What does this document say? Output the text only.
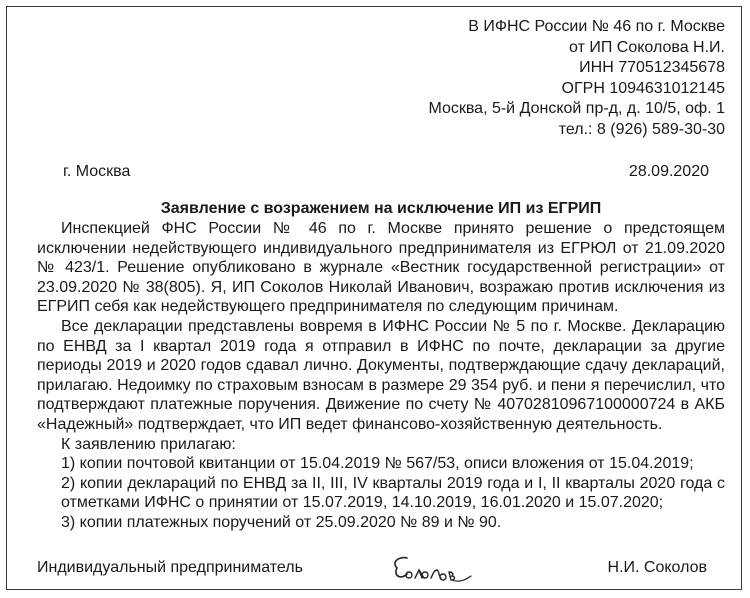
В ИФНС России № 46 по г. Москве
от ИП Соколова Н.И.
ИНН 770512345678
ОГРН 1094631012145
Москва, 5-й Донской пр-д, д. 10/5, оф. 1
тел.: 8 (926) 589-30-30
г. Москва	28.09.2020
Заявление с возражением на исключение ИП из ЕГРИП

Инспекцией ФНС России № 46 по г. Москве принято решение о предстоящем исключении недействующего индивидуального предпринимателя из ЕГРЮЛ от 21.09.2020 № 423/1. Решение опубликовано в журнале «Вестник государственной регистрации» от 23.09.2020 № 38(805). Я, ИП Соколов Николай Иванович, возражаю против исключения из ЕГРИП себя как недействующего предпринимателя по следующим причинам.

Все декларации представлены вовремя в ИФНС России № 5 по г. Москве. Декларацию по ЕНВД за I квартал 2019 года я отправил в ИФНС по почте, декларации за другие периоды 2019 и 2020 годов сдавал лично. Документы, подтверждающие сдачу деклараций, прилагаю. Недоимку по страховым взносам в размере 29 354 руб. и пени я перечислил, что подтверждают платежные поручения. Движение по счету № 40702810967100000724 в АКБ «Надежный» подтверждает, что ИП ведет финансово-хозяйственную деятельность.

К заявлению прилагаю:

1) копии почтовой квитанции от 15.04.2019 № 567/53, описи вложения от 15.04.2019;

2) копии деклараций по ЕНВД за II, III, IV кварталы 2019 года и I, II кварталы 2020 года с отметками ИФНС о принятии от 15.07.2019, 14.10.2019, 16.01.2020 и 15.07.2020;

3) копии платежных поручений от 25.09.2020 № 89 и № 90.

Индивидуальный предприниматель	Н.И. Соколов
